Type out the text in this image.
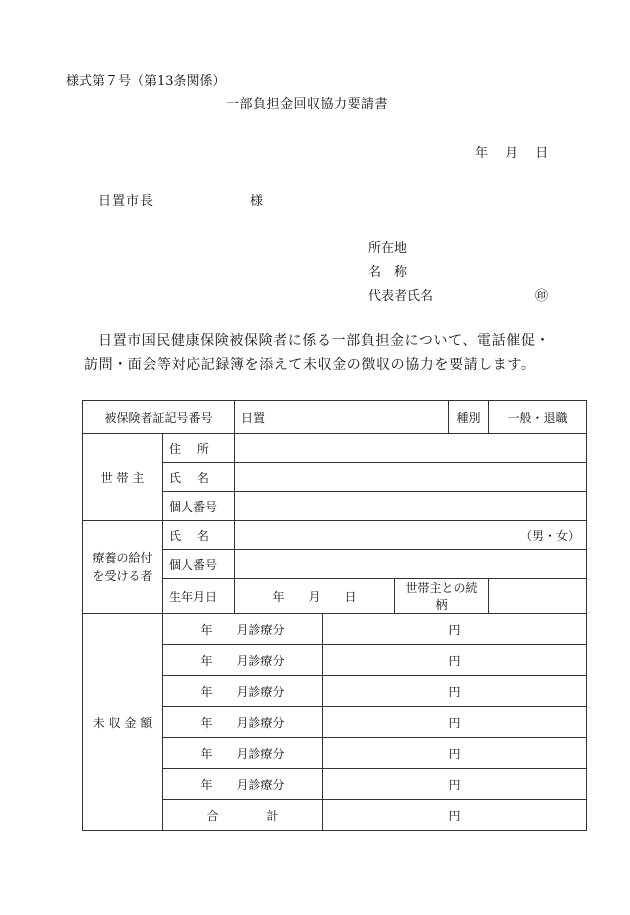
様式第７号（第13条関係）
一部負担金回収協力要請書
年　 月　 日
日置市長	様
所在地
名　称
代表者氏名	㊞
日置市国民健康保険被保険者に係る一部負担金について、電話催促・
訪問・面会等対応記録簿を添えて未収金の徴収の協力を要請します。
被保険者証記号番号		日置			種別	一般・退職
世 帯 主	住　 所					
	氏　 名					
	個人番号					
療養の給付
を受ける者	氏　 名	（男・女）				
	個人番号					
	生年月日	年　　月　　日		世帯主との続柄		
未 収 金 額	年　　月診療分		円			
	年　　月診療分		円			
	年　　月診療分		円			
	年　　月診療分		円			
	年　　月診療分		円			
	年　　月診療分		円			
	合　　　　計		円			
